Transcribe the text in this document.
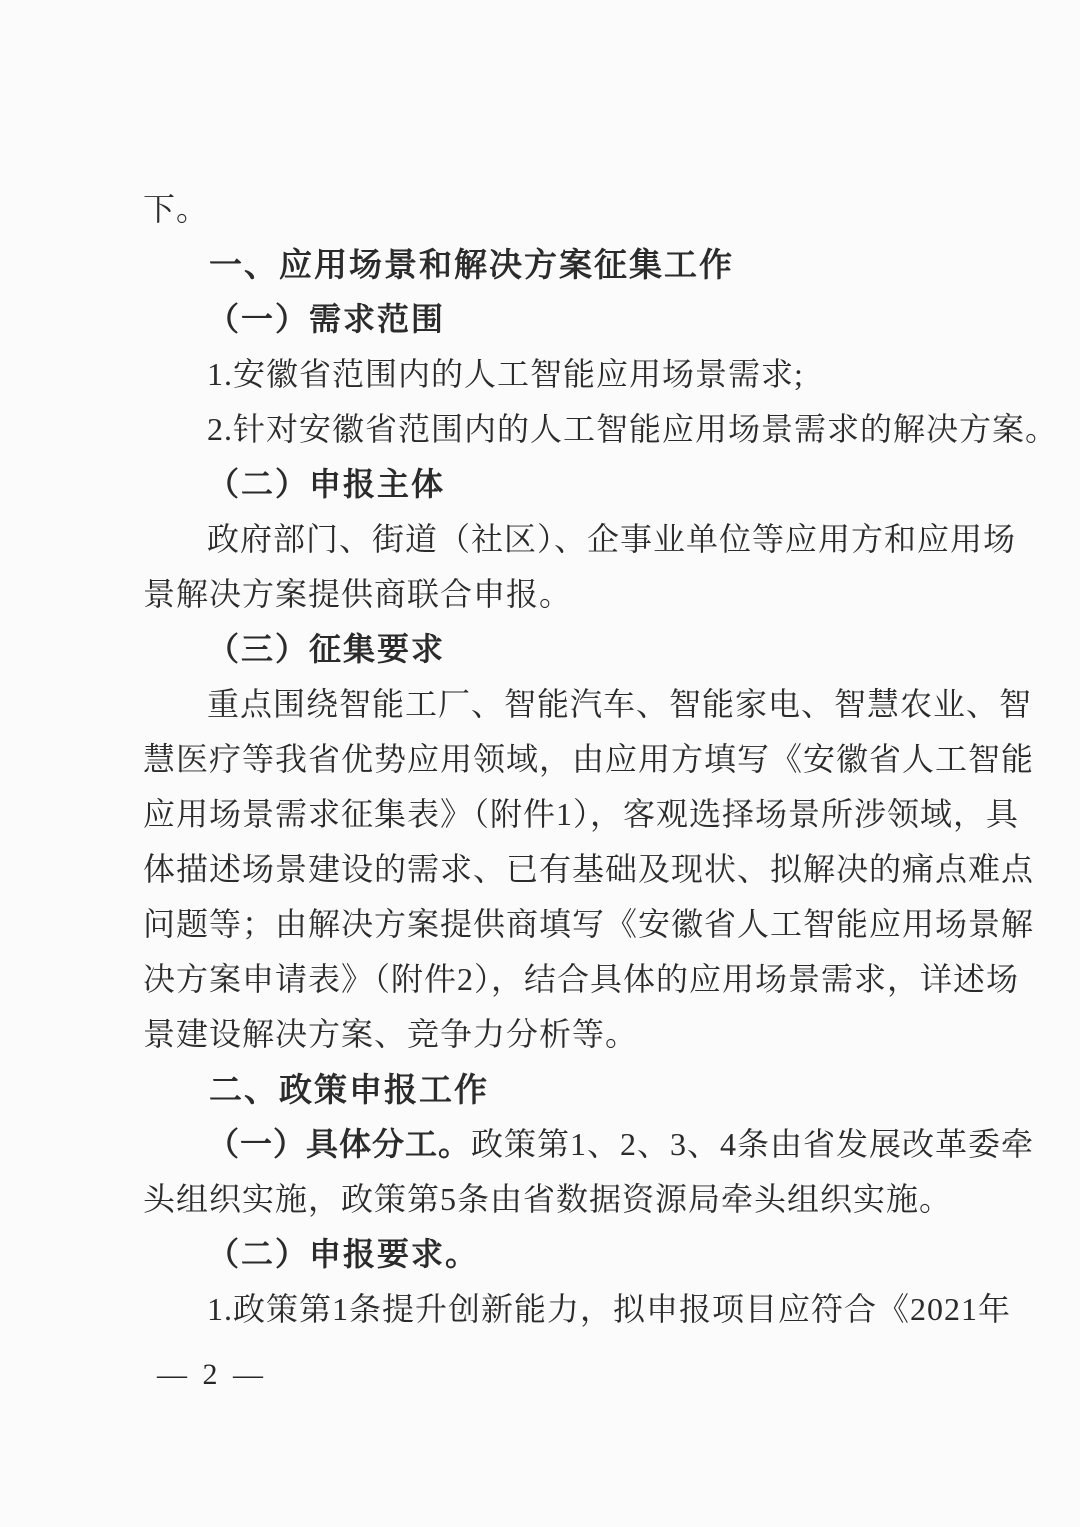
下。
一、应用场景和解决方案征集工作
（一）需求范围
1.安徽省范围内的人工智能应用场景需求;
2.针对安徽省范围内的人工智能应用场景需求的解决方案。
（二）申报主体
政府部门、街道（社区）、企事业单位等应用方和应用场
景解决方案提供商联合申报。
（三）征集要求
重点围绕智能工厂、智能汽车、智能家电、智慧农业、智
慧医疗等我省优势应用领域，由应用方填写《安徽省人工智能
应用场景需求征集表》（附件1），客观选择场景所涉领域，具
体描述场景建设的需求、已有基础及现状、拟解决的痛点难点
问题等；由解决方案提供商填写《安徽省人工智能应用场景解
决方案申请表》（附件2），结合具体的应用场景需求，详述场
景建设解决方案、竞争力分析等。
二、政策申报工作
（一）具体分工。政策第1、2、3、4条由省发展改革委牵
头组织实施，政策第5条由省数据资源局牵头组织实施。
（二）申报要求。
1.政策第1条提升创新能力，拟申报项目应符合《2021年
— 2 —
